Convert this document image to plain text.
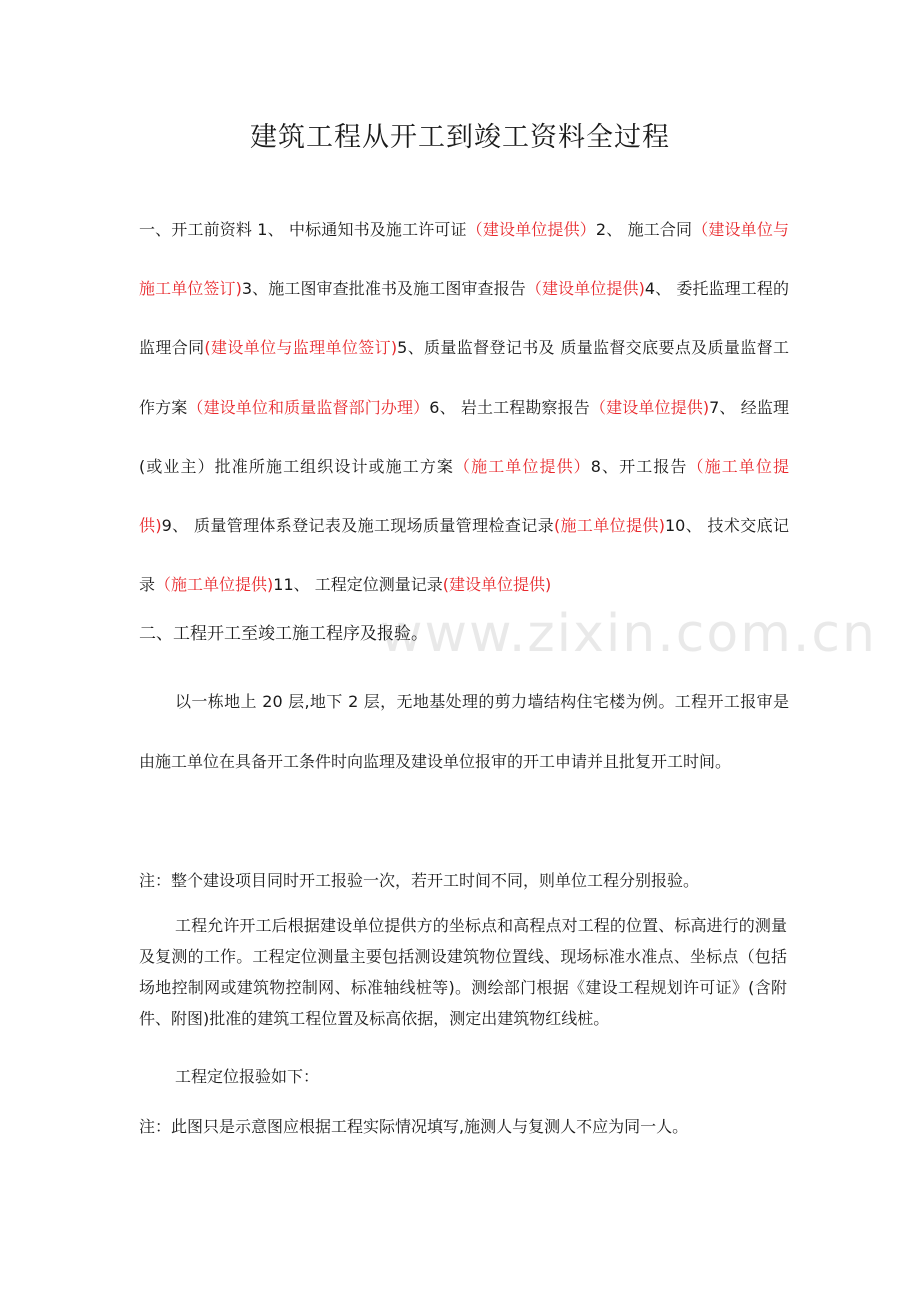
www.zixin.com.cn
建筑工程从开工到竣工资料全过程
一、开工前资料 1、 中标通知书及施工许可证（建设单位提供）2、 施工合同（建设单位与施工单位签订)3、施工图审查批准书及施工图审查报告（建设单位提供)4、 委托监理工程的监理合同(建设单位与监理单位签订)5、质量监督登记书及 质量监督交底要点及质量监督工作方案（建设单位和质量监督部门办理）6、 岩土工程勘察报告（建设单位提供)7、 经监理(或业主）批准所施工组织设计或施工方案（施工单位提供）8、开工报告（施工单位提供)9、 质量管理体系登记表及施工现场质量管理检查记录(施工单位提供)10、 技术交底记录（施工单位提供)11、 工程定位测量记录(建设单位提供)
二、工程开工至竣工施工程序及报验。
以一栋地上 20 层,地下 2 层，无地基处理的剪力墙结构住宅楼为例。工程开工报审是由施工单位在具备开工条件时向监理及建设单位报审的开工申请并且批复开工时间。
注：整个建设项目同时开工报验一次，若开工时间不同，则单位工程分别报验。
工程允许开工后根据建设单位提供方的坐标点和高程点对工程的位置、标高进行的测量及复测的工作。工程定位测量主要包括测设建筑物位置线、现场标准水准点、坐标点（包括场地控制网或建筑物控制网、标准轴线桩等)。测绘部门根据《建设工程规划许可证》(含附件、附图)批准的建筑工程位置及标高依据，测定出建筑物红线桩。
工程定位报验如下：
注：此图只是示意图应根据工程实际情况填写,施测人与复测人不应为同一人。
